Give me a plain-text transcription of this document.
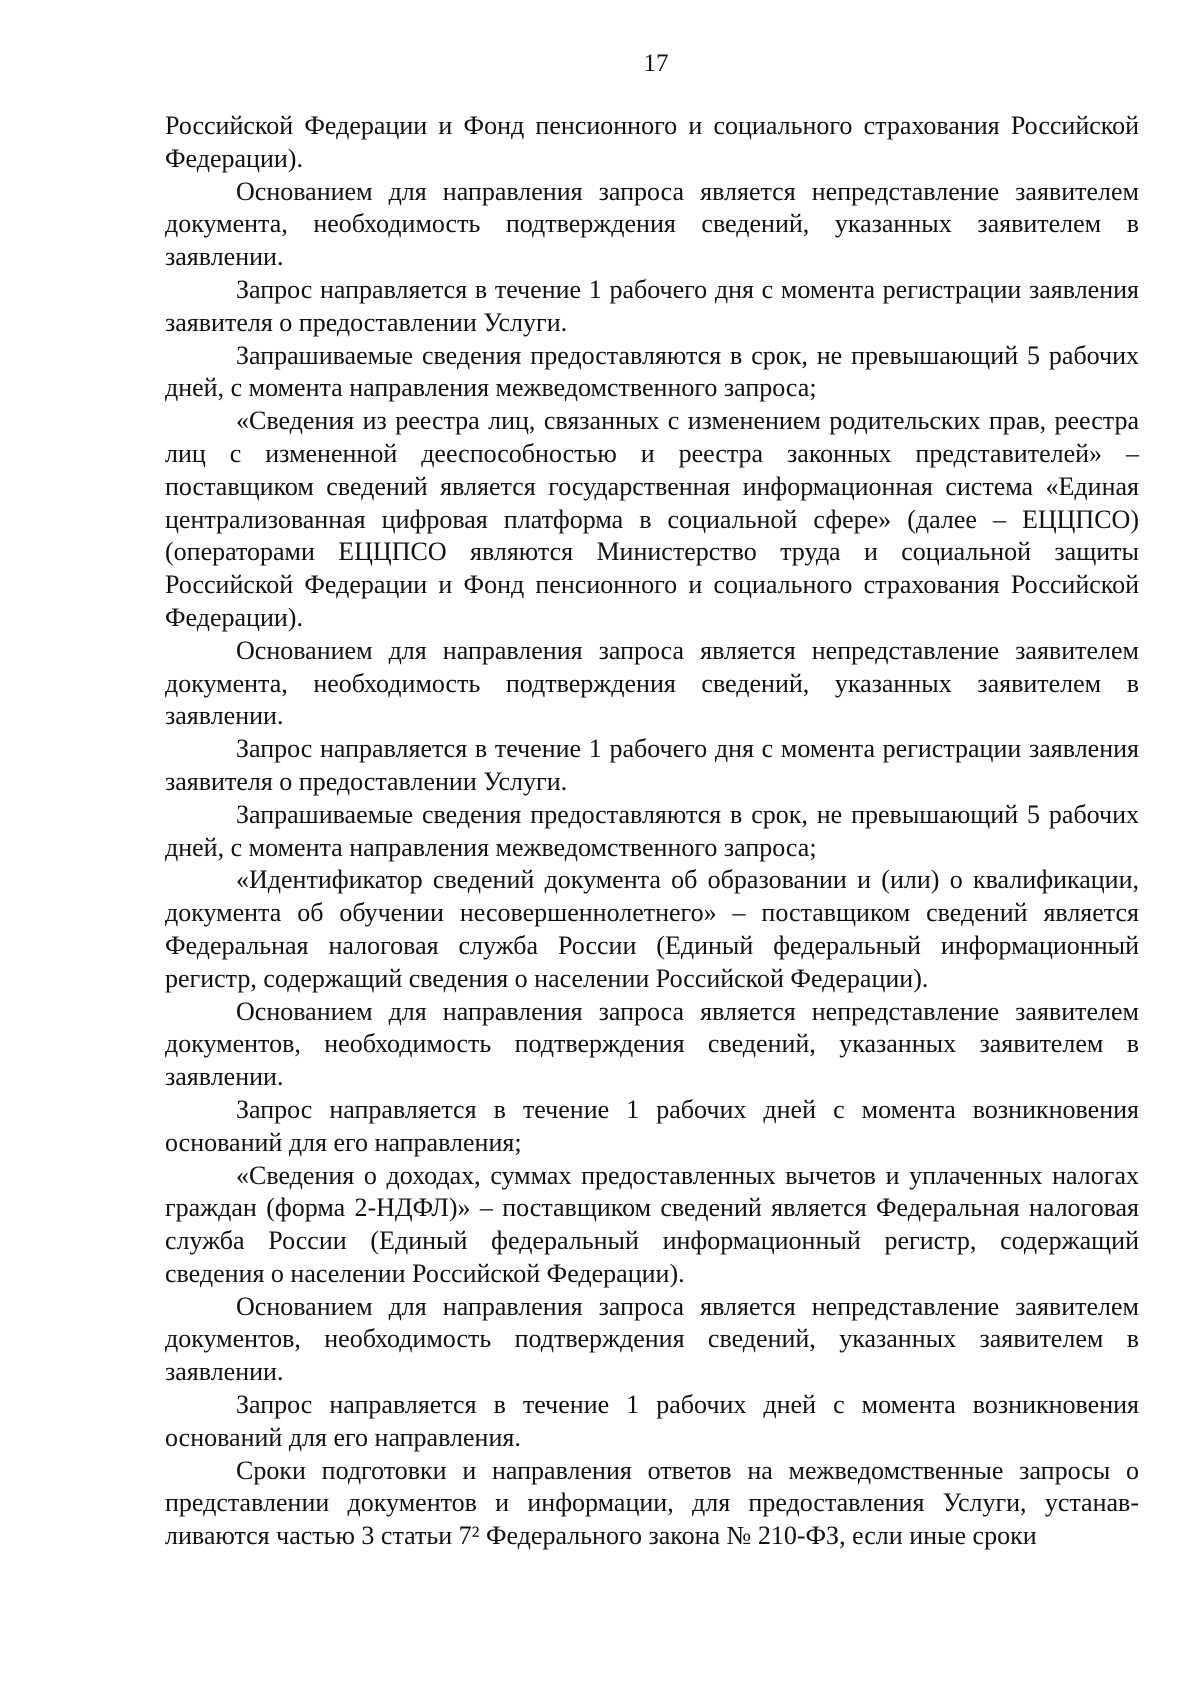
17

Российской Федерации и Фонд пенсионного и социального страхования Российской Федерации).

Основанием для направления запроса является непредставление заявителем документа, необходимость подтверждения сведений, указанных заявителем в заявлении.

Запрос направляется в течение 1 рабочего дня с момента регистрации заявления заявителя о предоставлении Услуги.

Запрашиваемые сведения предоставляются в срок, не превышающий 5 рабочих дней, с момента направления межведомственного запроса;

«Сведения из реестра лиц, связанных с изменением родительских прав, реестра лиц с измененной дееспособностью и реестра законных представителей» – поставщиком сведений является государственная информационная система «Единая централизованная цифровая платформа в социальной сфере» (далее – ЕЦЦПСО) (операторами ЕЦЦПСО являются Министерство труда и социальной защиты Российской Федерации и Фонд пенсионного и социального страхования Российской Федерации).

Основанием для направления запроса является непредставление заявителем документа, необходимость подтверждения сведений, указанных заявителем в заявлении.

Запрос направляется в течение 1 рабочего дня с момента регистрации заявления заявителя о предоставлении Услуги.

Запрашиваемые сведения предоставляются в срок, не превышающий 5 рабочих дней, с момента направления межведомственного запроса;

«Идентификатор сведений документа об образовании и (или) о квалификации, документа об обучении несовершеннолетнего» – поставщиком сведений является Федеральная налоговая служба России (Единый федеральный информационный регистр, содержащий сведения о населении Российской Федерации).

Основанием для направления запроса является непредставление заявителем документов, необходимость подтверждения сведений, указанных заявителем в заявлении.

Запрос направляется в течение 1 рабочих дней с момента возникновения оснований для его направления;

«Сведения о доходах, суммах предоставленных вычетов и уплаченных налогах граждан (форма 2-НДФЛ)» – поставщиком сведений является Федеральная налоговая служба России (Единый федеральный информационный регистр, содержащий сведения о населении Российской Федерации).

Основанием для направления запроса является непредставление заявителем документов, необходимость подтверждения сведений, указанных заявителем в заявлении.

Запрос направляется в течение 1 рабочих дней с момента возникновения оснований для его направления.

Сроки подготовки и направления ответов на межведомственные запросы о представлении документов и информации, для предоставления Услуги, устанавливаются частью 3 статьи 7² Федерального закона № 210-ФЗ, если иные сроки
